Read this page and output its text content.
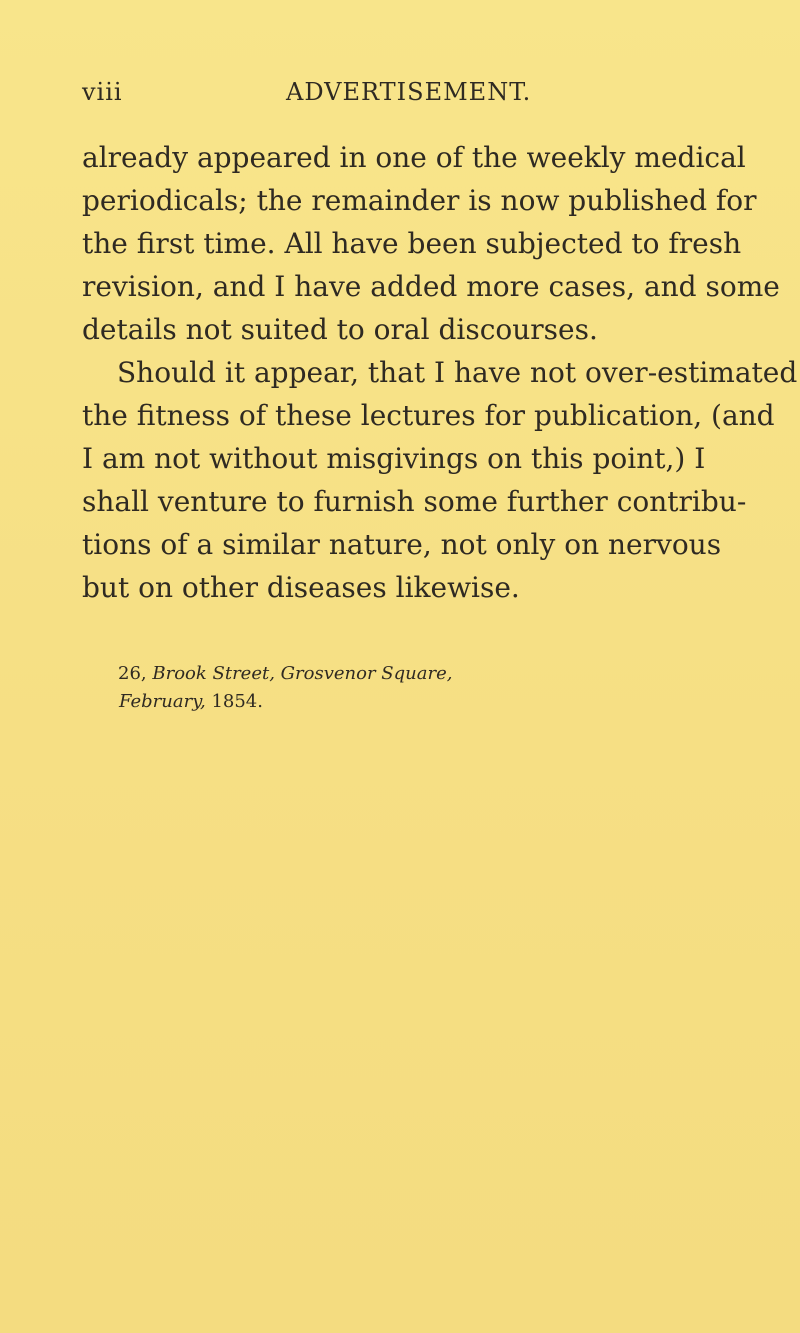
viii	ADVERTISEMENT.
already appeared in one of the weekly medical
periodicals; the remainder is now published for
the first time. All have been subjected to fresh
revision, and I have added more cases, and some
details not suited to oral discourses.
Should it appear, that I have not over-estimated
the fitness of these lectures for publication, (and
I am not without misgivings on this point,) I
shall venture to furnish some further contribu-
tions of a similar nature, not only on nervous
but on other diseases likewise.
26, Brook Street, Grosvenor Square,
February, 1854.
